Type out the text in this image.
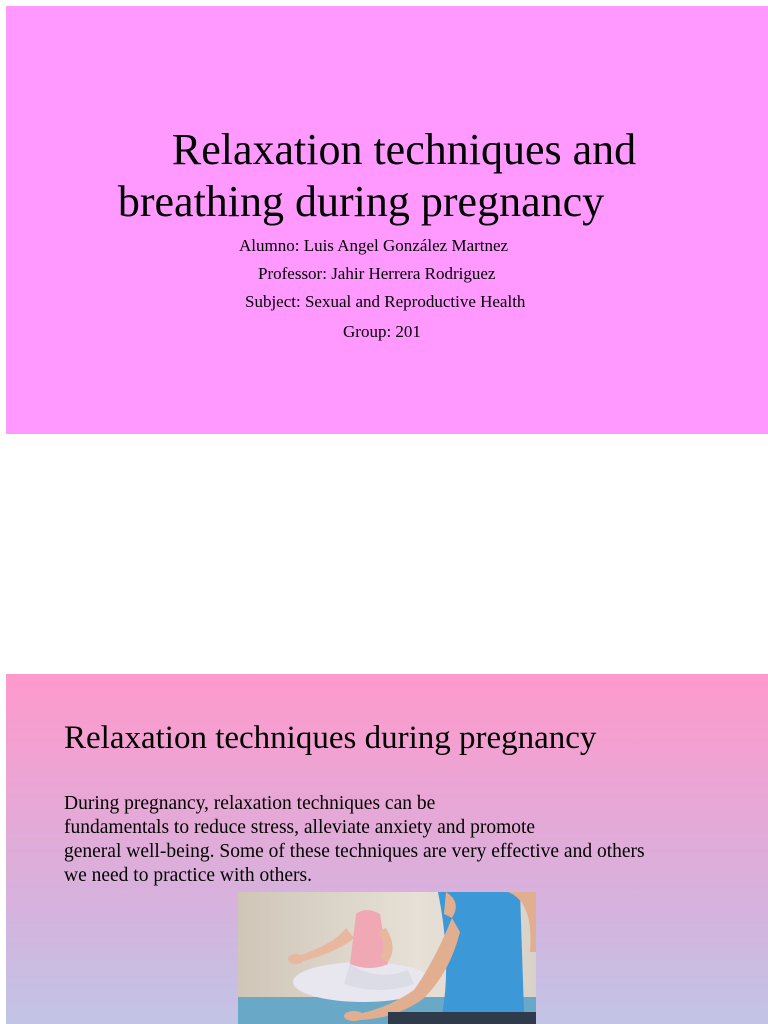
Relaxation techniques and
breathing during pregnancy
Alumno: Luis Angel González Martnez
Professor: Jahir Herrera Rodriguez
Subject: Sexual and Reproductive Health
Group: 201
Relaxation techniques during pregnancy
During pregnancy, relaxation techniques can be
fundamentals to reduce stress, alleviate anxiety and promote
general well-being. Some of these techniques are very effective and others
we need to practice with others.
